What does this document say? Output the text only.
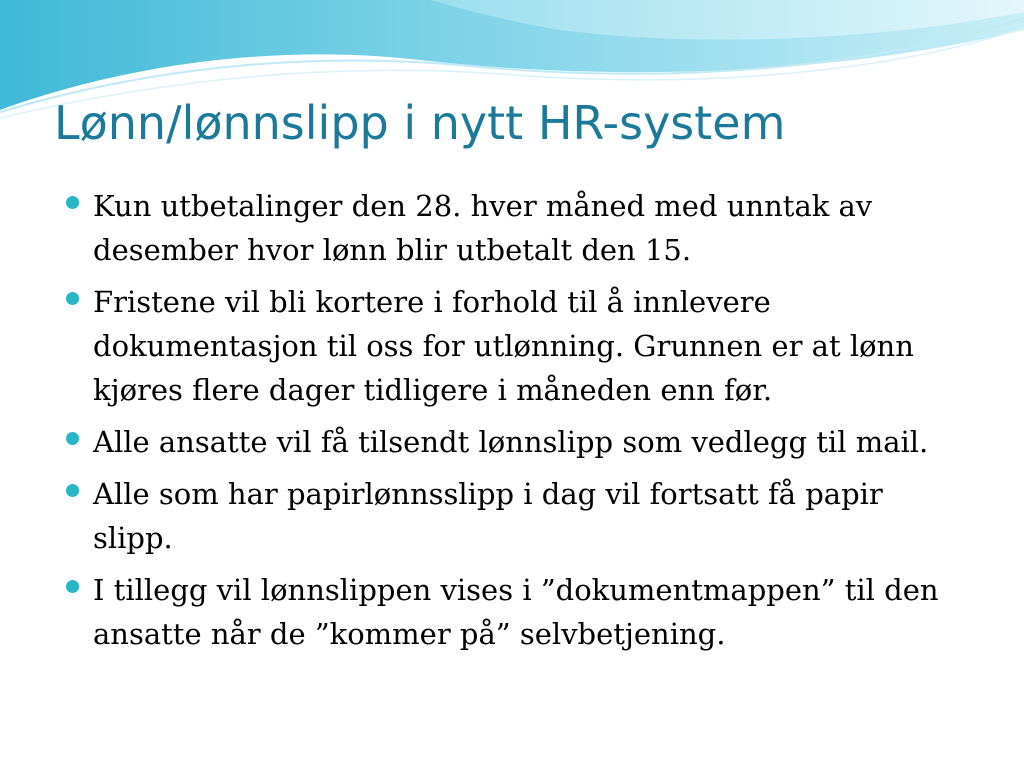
Lønn/lønnslipp i nytt HR-system
Kun utbetalinger den 28. hver måned med unntak av desember hvor lønn blir utbetalt den 15.
Fristene vil bli kortere i forhold til å innlevere dokumentasjon til oss for utlønning. Grunnen er at lønn kjøres flere dager tidligere i måneden enn før.
Alle ansatte vil få tilsendt lønnslipp som vedlegg til mail.
Alle som har papirlønnsslipp i dag vil fortsatt få papir slipp.
I tillegg vil lønnslippen vises i ”dokumentmappen” til den ansatte når de ”kommer på” selvbetjening.
